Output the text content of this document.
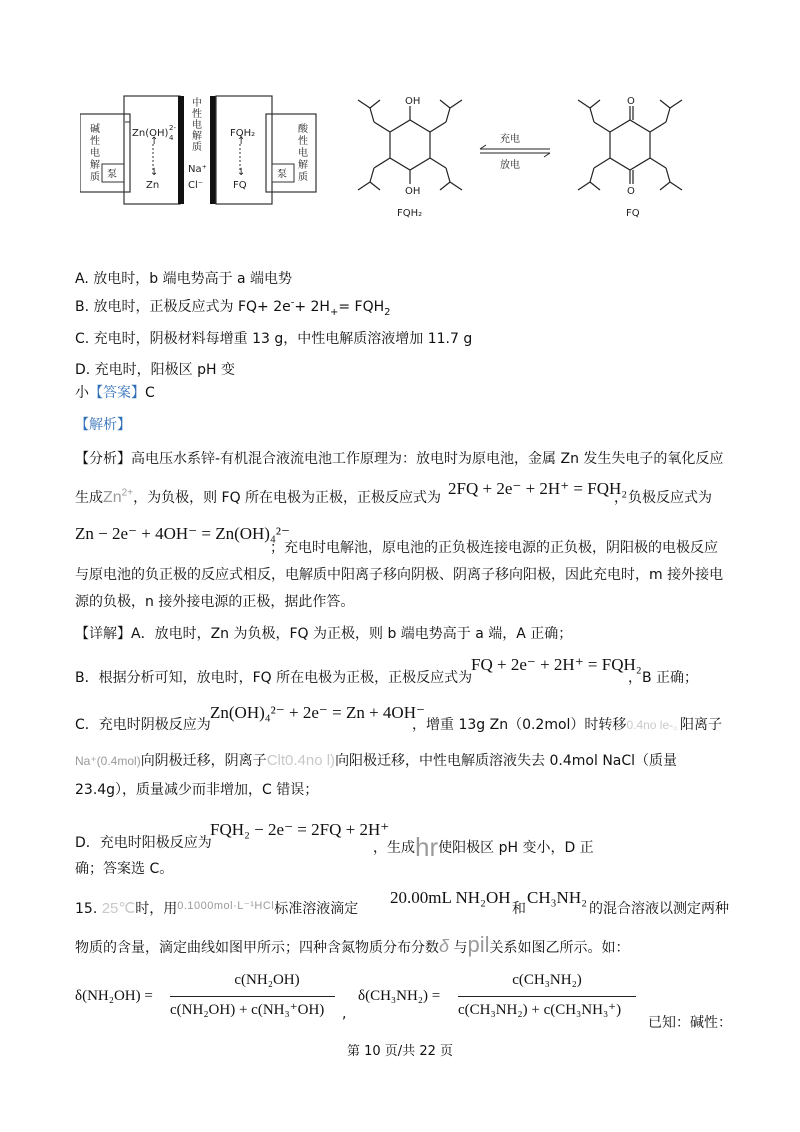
碱
性
电
解
质 泵
Zn(OH) 2-
4
↑
↓
Zn
中
性
电
解
质
Na⁺
Cl⁻
FQH₂
↑
↓
FQ
泵
酸
性
电
解
质
OH
OH
FQH₂
充电
放电
O
O
FQ
A. 放电时，b 端电势高于 a 端电势
B. 放电时，正极反应式为 $FQ+ 2e^-+ 2H_+= FQH_2$
C. 充电时，阴极材料每增重 13 g，中性电解质溶液增加 11.7 g
D. 充电时，阳极区 pH 变
小【答案】C
【解析】
【分析】高电压水系锌-有机混合液流电池工作原理为：放电时为原电池，金属 Zn 发生失电子的氧化反应
生成$Zn^{2+}$，为负极，则 FQ 所在电极为正极，正极反应式为 2FQ + 2e⁻ + 2H⁺ = FQH₂
，负极反应式为
Zn − 2e⁻ + 4OH⁻ = Zn(OH)₄²⁻
；充电时电解池，原电池的正负极连接电源的正负极，阴阳极的电极反应
与原电池的负正极的反应式相反，电解质中阳离子移向阴极、阴离子移向阳极，因此充电时，m 接外接电
源的负极，n 接外接电源的正极，据此作答。
【详解】A．放电时，Zn 为负极，FQ 为正极，则 b 端电势高于 a 端，A 正确；
B．根据分析可知，放电时，FQ 所在电极为正极，正极反应式为
FQ + 2e⁻ + 2H⁺ = FQH₂
，B 正确；
C．充电时阴极反应为
Zn(OH)₄²⁻ + 2e⁻ = Zn + 4OH⁻
，增重 13g Zn（0.2mol）时转移0.4no le-。
阳离子
Na⁺(0.4mol)向阴极迁移，阴离子Clt0.4no l)向阳极迁移，中性电解质溶液失去 0.4mol NaCl（质量
23.4g），质量减少而非增加，C 错误；
D．充电时阳极反应为
FQH₂ − 2e⁻ = 2FQ + 2H⁺
，生成hr使阳极区 pH 变小，D 正
确；答案选 C。
15. 25℃时，用$^{0.1000mol\cdot L^{-1}HCl}$标准溶液滴定
20.00mL NH₂OH
和
CH₃NH₂
的混合溶液以测定两种
物质的含量，滴定曲线如图甲所示；四种含氮物质分布分数δ 与pil关系如图乙所示。如：
δ(NH₂OH) =
c(NH₂OH)
c(NH₂OH) + c(NH₃⁺OH) ,
δ(CH₃NH₂) =
c(CH₃NH₂)
c(CH₃NH₂) + c(CH₃NH₃⁺)
已知：碱性：
第 10 页/共 22 页
